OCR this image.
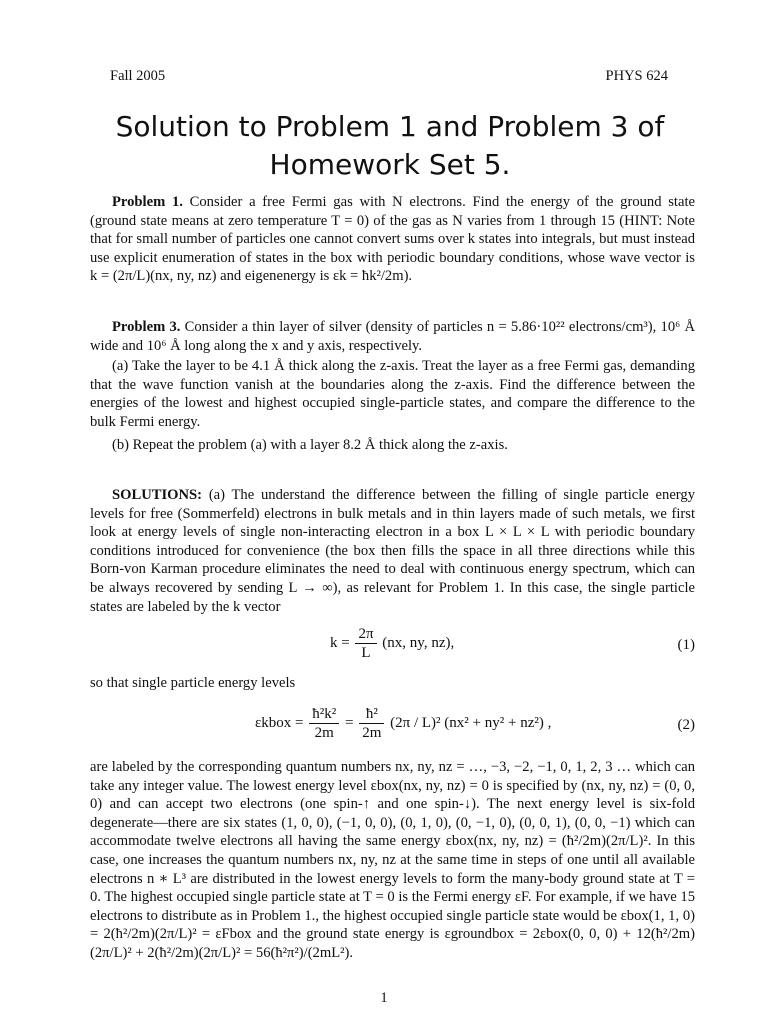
Fall 2005	PHYS 624
Solution to Problem 1 and Problem 3 of Homework Set 5.

Problem 1. Consider a free Fermi gas with N electrons. Find the energy of the ground state (ground state means at zero temperature T = 0) of the gas as N varies from 1 through 15 (HINT: Note that for small number of particles one cannot convert sums over k states into integrals, but must instead use explicit enumeration of states in the box with periodic boundary conditions, whose wave vector is k = (2π/L)(nx, ny, nz) and eigenenergy is εk = ħk²/2m).

Problem 3. Consider a thin layer of silver (density of particles n = 5.86·10²² electrons/cm³), 10⁶ Å wide and 10⁶ Å long along the x and y axis, respectively.

(a) Take the layer to be 4.1 Å thick along the z-axis. Treat the layer as a free Fermi gas, demanding that the wave function vanish at the boundaries along the z-axis. Find the difference between the energies of the lowest and highest occupied single-particle states, and compare the difference to the bulk Fermi energy.

(b) Repeat the problem (a) with a layer 8.2 Å thick along the z-axis.

SOLUTIONS: (a) The understand the difference between the filling of single particle energy levels for free (Sommerfeld) electrons in bulk metals and in thin layers made of such metals, we first look at energy levels of single non-interacting electron in a box L × L × L with periodic boundary conditions introduced for convenience (the box then fills the space in all three directions while this Born-von Karman procedure eliminates the need to deal with continuous energy spectrum, which can be always recovered by sending L → ∞), as relevant for Problem 1. In this case, the single particle states are labeled by the k vector

$k = \frac{2\pi}{L} (nx$, ny, nz),	(1)

so that single particle energy levels

εkbox = $\frac{\text{ħ²k²}}{2m} = \frac{\text{ħ²}}{2m} (2\pi / L)^2$ (nx² + ny² + nz²) ,	(2)

are labeled by the corresponding quantum numbers nx, ny, nz = …, −3, −2, −1, 0, 1, 2, 3 … which can take any integer value. The lowest energy level εbox(nx, ny, nz) = 0 is specified by (nx, ny, nz) = (0, 0, 0) and can accept two electrons (one spin-↑ and one spin-↓). The next energy level is six-fold degenerate—there are six states (1, 0, 0), (−1, 0, 0), (0, 1, 0), (0, −1, 0), (0, 0, 1), (0, 0, −1) which can accommodate twelve electrons all having the same energy εbox(nx, ny, nz) = (ħ²/2m)(2π/L)². In this case, one increases the quantum numbers nx, ny, nz at the same time in steps of one until all available electrons n ∗ L³ are distributed in the lowest energy levels to form the many-body ground state at T = 0. The highest occupied single particle state at T = 0 is the Fermi energy εF. For example, if we have 15 electrons to distribute as in Problem 1., the highest occupied single particle state would be εbox(1, 1, 0) = 2(ħ²/2m)(2π/L)² = εFbox and the ground state energy is εgroundbox = 2εbox(0, 0, 0) + 12(ħ²/2m)(2π/L)² + 2(ħ²/2m)(2π/L)² = 56(ħ²π²)/(2mL²).

1
